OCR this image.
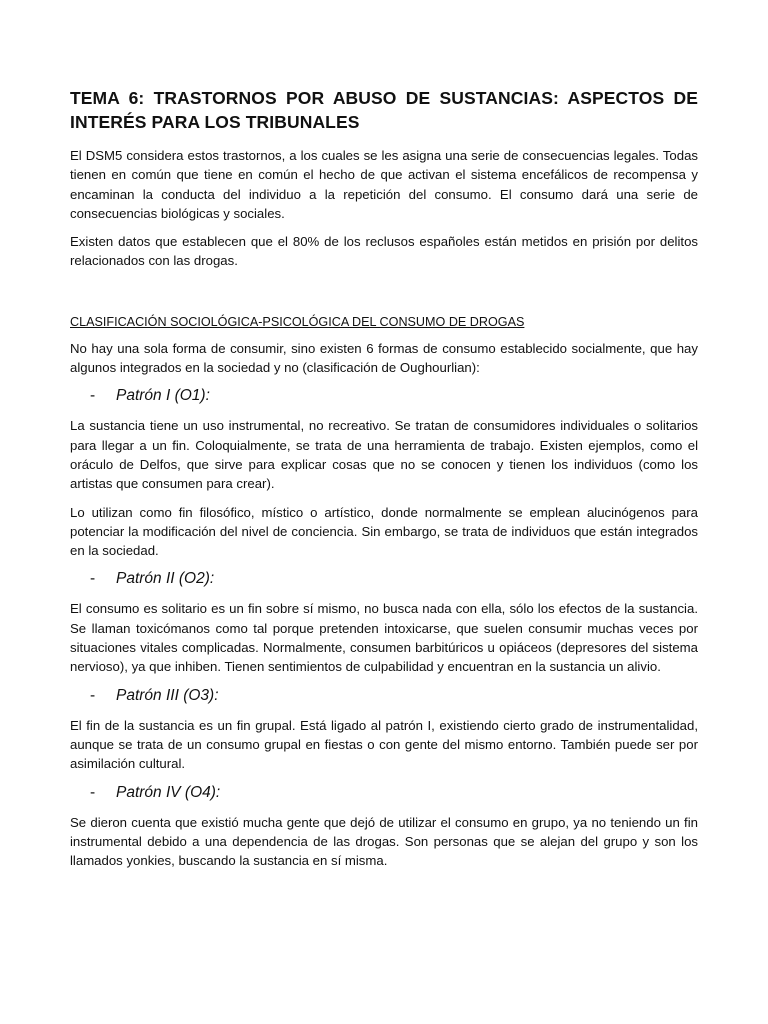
TEMA 6: TRASTORNOS POR ABUSO DE SUSTANCIAS: ASPECTOS DE INTERÉS PARA LOS TRIBUNALES

El DSM5 considera estos trastornos, a los cuales se les asigna una serie de consecuencias legales. Todas tienen en común que tiene en común el hecho de que activan el sistema encefálicos de recompensa y encaminan la conducta del individuo a la repetición del consumo. El consumo dará una serie de consecuencias biológicas y sociales.

Existen datos que establecen que el 80% de los reclusos españoles están metidos en prisión por delitos relacionados con las drogas.

CLASIFICACIÓN SOCIOLÓGICA-PSICOLÓGICA DEL CONSUMO DE DROGAS

No hay una sola forma de consumir, sino existen 6 formas de consumo establecido socialmente, que hay algunos integrados en la sociedad y no (clasificación de Oughourlian):

-	Patrón I (O1):

La sustancia tiene un uso instrumental, no recreativo. Se tratan de consumidores individuales o solitarios para llegar a un fin. Coloquialmente, se trata de una herramienta de trabajo. Existen ejemplos, como el oráculo de Delfos, que sirve para explicar cosas que no se conocen y tienen los individuos (como los artistas que consumen para crear).

Lo utilizan como fin filosófico, místico o artístico, donde normalmente se emplean alucinógenos para potenciar la modificación del nivel de conciencia. Sin embargo, se trata de individuos que están integrados en la sociedad.

-	Patrón II (O2):

El consumo es solitario es un fin sobre sí mismo, no busca nada con ella, sólo los efectos de la sustancia. Se llaman toxicómanos como tal porque pretenden intoxicarse, que suelen consumir muchas veces por situaciones vitales complicadas. Normalmente, consumen barbitúricos u opiáceos (depresores del sistema nervioso), ya que inhiben. Tienen sentimientos de culpabilidad y encuentran en la sustancia un alivio.

-	Patrón III (O3):

El fin de la sustancia es un fin grupal. Está ligado al patrón I, existiendo cierto grado de instrumentalidad, aunque se trata de un consumo grupal en fiestas o con gente del mismo entorno. También puede ser por asimilación cultural.

-	Patrón IV (O4):

Se dieron cuenta que existió mucha gente que dejó de utilizar el consumo en grupo, ya no teniendo un fin instrumental debido a una dependencia de las drogas. Son personas que se alejan del grupo y son los llamados yonkies, buscando la sustancia en sí misma.
